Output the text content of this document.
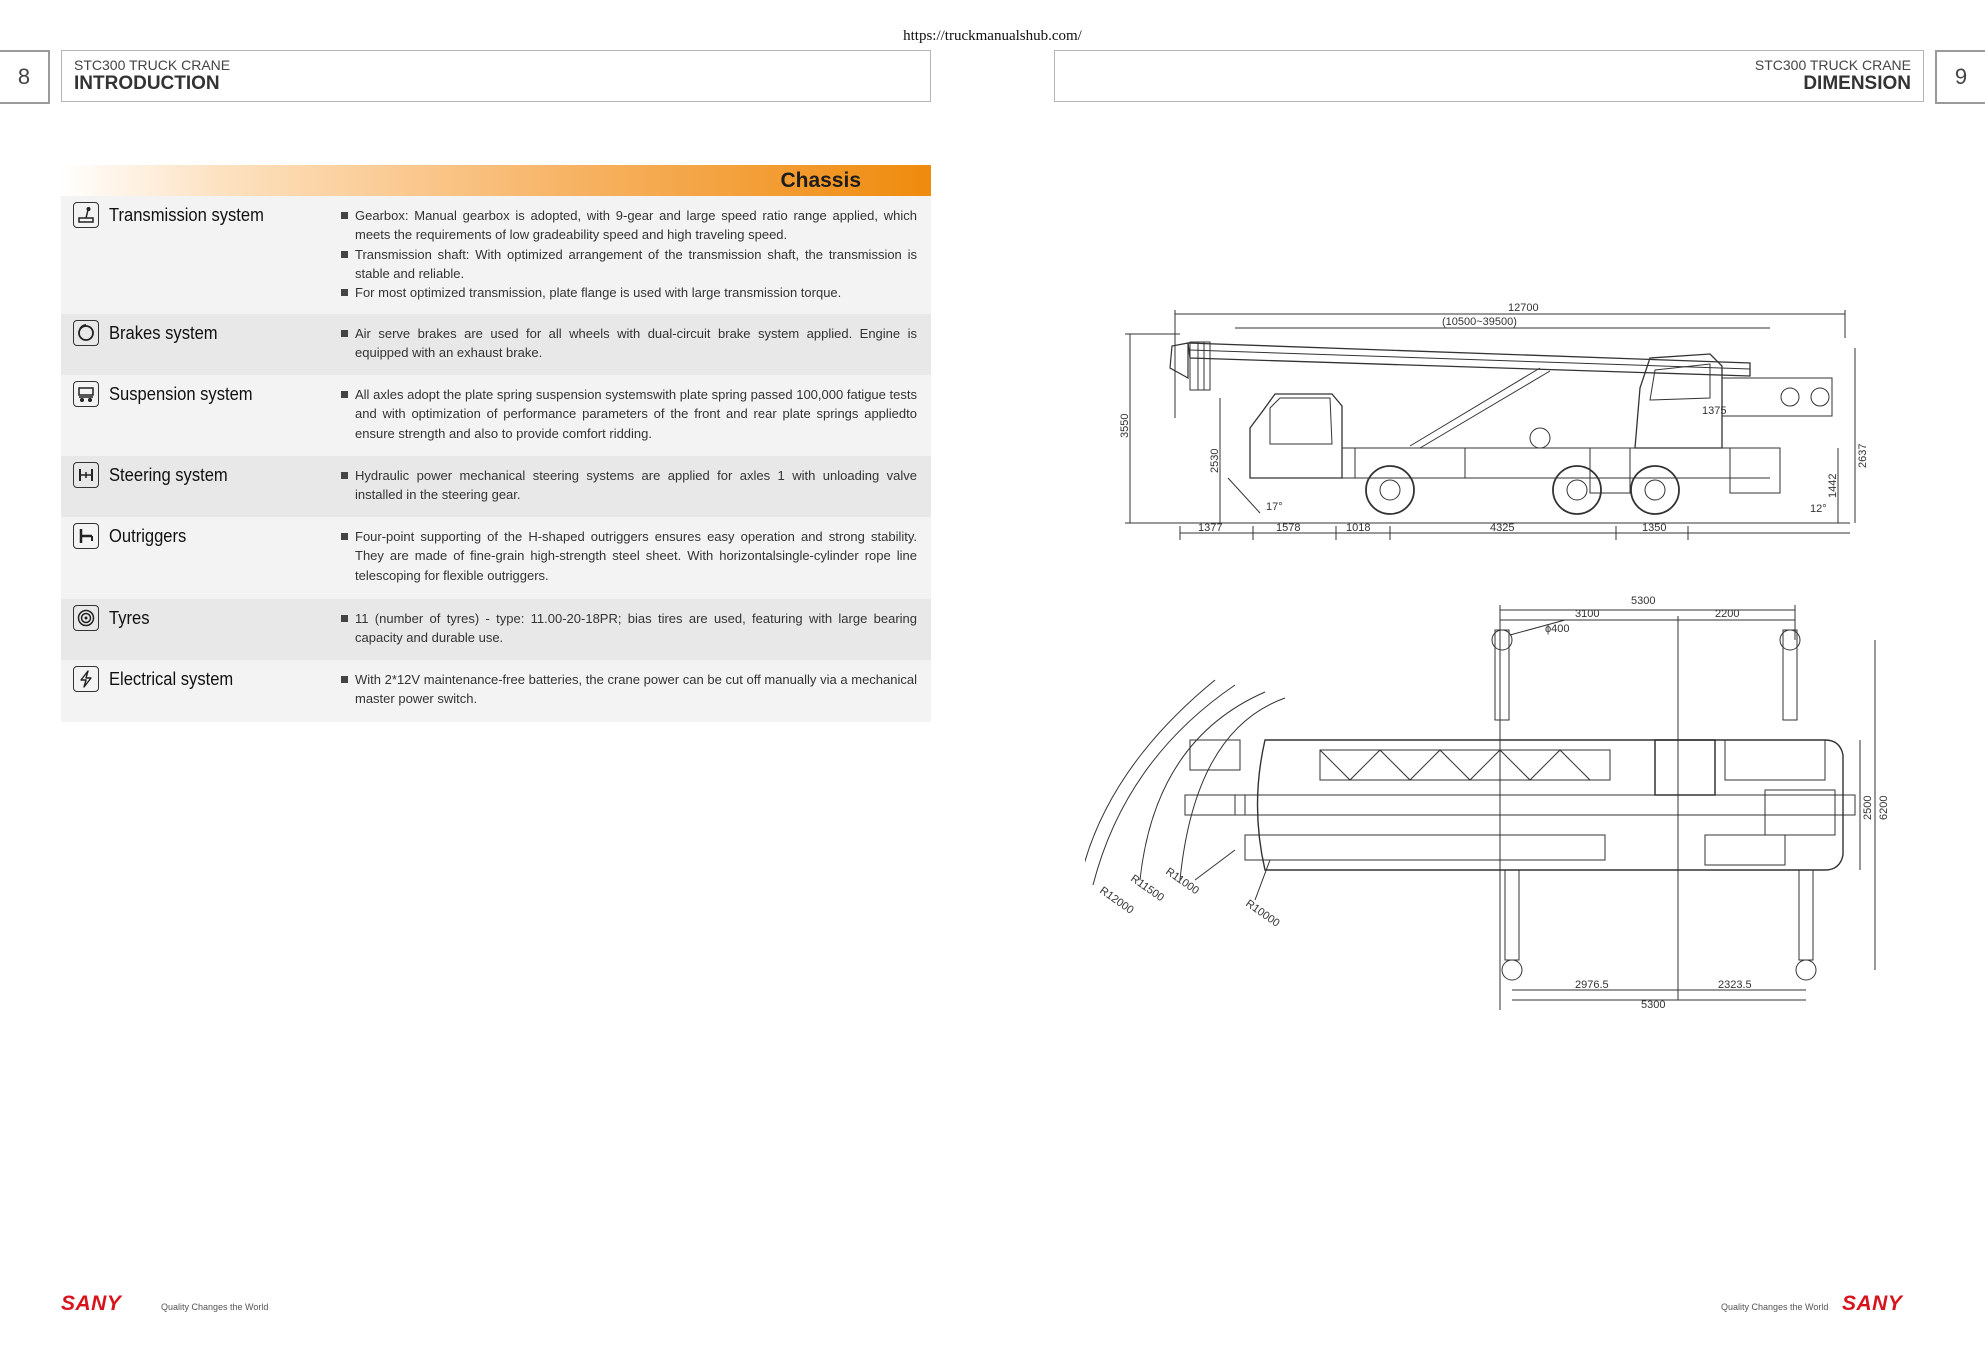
https://truckmanualshub.com/
8	STC300 TRUCK CRANE
INTRODUCTION
STC300 TRUCK CRANE
DIMENSION	9
Chassis
Transmission system	Gearbox: Manual gearbox is adopted, with 9-gear and large speed ratio range applied, which meets the requirements of low gradeability speed and high traveling speed.
Transmission shaft: With optimized arrangement of the transmission shaft, the transmission is stable and reliable.
For most optimized transmission, plate flange is used with large transmission torque.
Brakes system	Air serve brakes are used for all wheels with dual-circuit brake system applied. Engine is equipped with an exhaust brake.
Suspension system	All axles adopt the plate spring suspension systemswith plate spring passed 100,000 fatigue tests and with optimization of performance parameters of the front and rear plate springs appliedto ensure strength and also to provide comfort ridding.
Steering system	Hydraulic power mechanical steering systems are applied for axles 1 with unloading valve installed in the steering gear.
Outriggers	Four-point supporting of the H-shaped outriggers ensures easy operation and strong stability. They are made of fine-grain high-strength steel sheet. With horizontalsingle-cylinder rope line telescoping for flexible outriggers.
Tyres	11 (number of tyres) - type: 11.00-20-18PR; bias tires are used, featuring with large bearing capacity and durable use.
Electrical system	With 2*12V maintenance-free batteries, the crane power can be cut off manually via a mechanical master power switch.
12700
(10500~39500)
3550
2530
1375
2637
1442
17°	12°
1377	1578	1018	4325	1350
5300
3100	2200
ϕ400
2500 6200
2976.5	2323.5
5300
R12000
R11500
R11000
R10000
SANY	Quality Changes the World	Quality Changes the World SANY
